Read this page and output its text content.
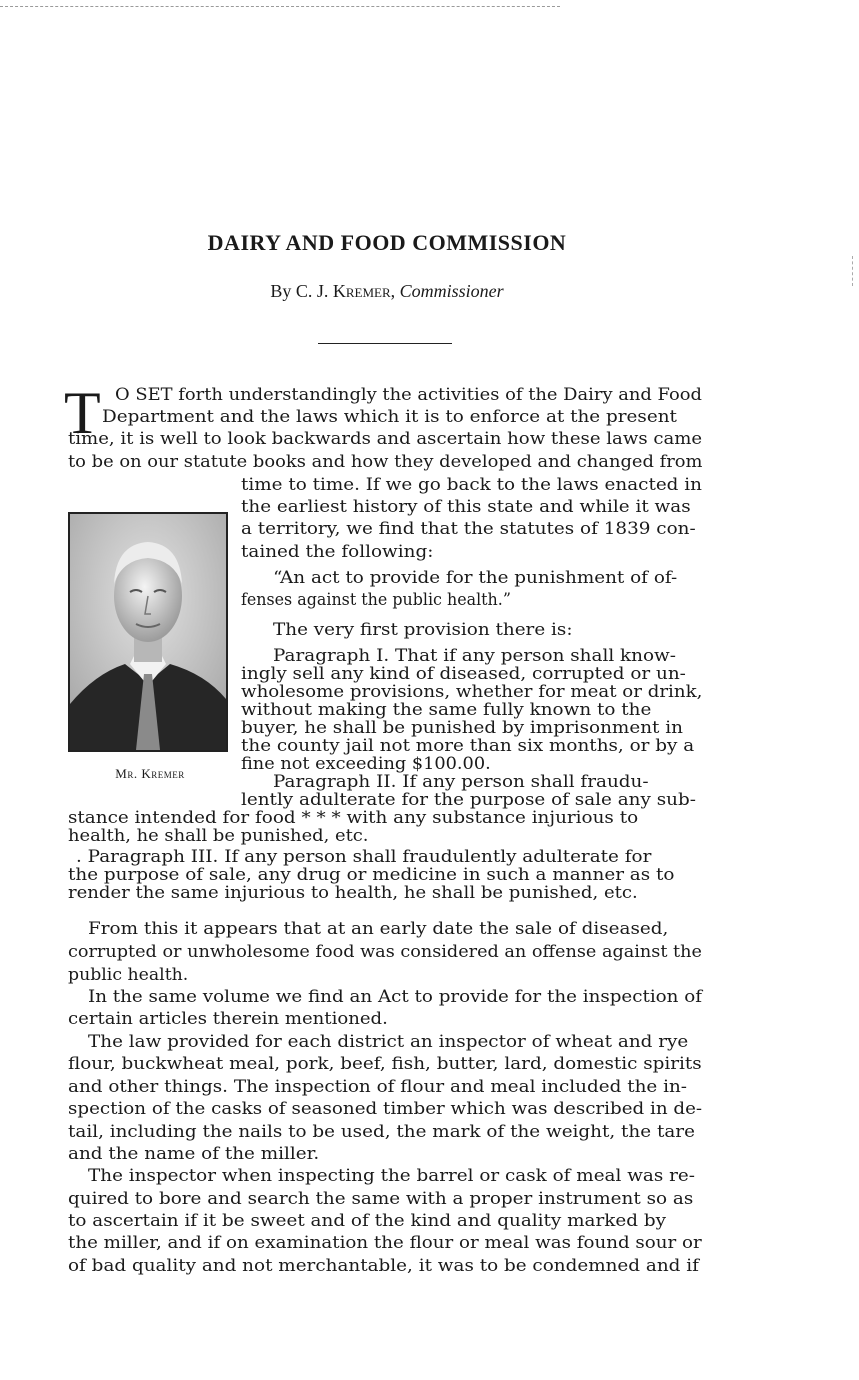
DAIRY AND FOOD COMMISSION
By C. J. Kremer, Commissioner
T
Mr. Kremer
O SET forth understandingly the activities of the Dairy and Food
Department and the laws which it is to enforce at the present
time, it is well to look backwards and ascertain how these laws came
to be on our statute books and how they developed and changed from
time to time. If we go back to the laws enacted in
the earliest history of this state and while it was
a territory, we find that the statutes of 1839 con-
tained the following:
“An act to provide for the punishment of of-
fenses against the public health.”
The very first provision there is:
Paragraph I. That if any person shall know-
ingly sell any kind of diseased, corrupted or un-
wholesome provisions, whether for meat or drink,
without making the same fully known to the
buyer, he shall be punished by imprisonment in
the county jail not more than six months, or by a
fine not exceeding $100.00.
Paragraph II. If any person shall fraudu-
lently adulterate for the purpose of sale any sub-
stance intended for food * * * with any substance injurious to
health, he shall be punished, etc.
. Paragraph III. If any person shall fraudulently adulterate for
the purpose of sale, any drug or medicine in such a manner as to
render the same injurious to health, he shall be punished, etc.
From this it appears that at an early date the sale of diseased,
corrupted or unwholesome food was considered an offense against the
public health.
In the same volume we find an Act to provide for the inspection of
certain articles therein mentioned.
The law provided for each district an inspector of wheat and rye
flour, buckwheat meal, pork, beef, fish, butter, lard, domestic spirits
and other things. The inspection of flour and meal included the in-
spection of the casks of seasoned timber which was described in de-
tail, including the nails to be used, the mark of the weight, the tare
and the name of the miller.
The inspector when inspecting the barrel or cask of meal was re-
quired to bore and search the same with a proper instrument so as
to ascertain if it be sweet and of the kind and quality marked by
the miller, and if on examination the flour or meal was found sour or
of bad quality and not merchantable, it was to be condemned and if
